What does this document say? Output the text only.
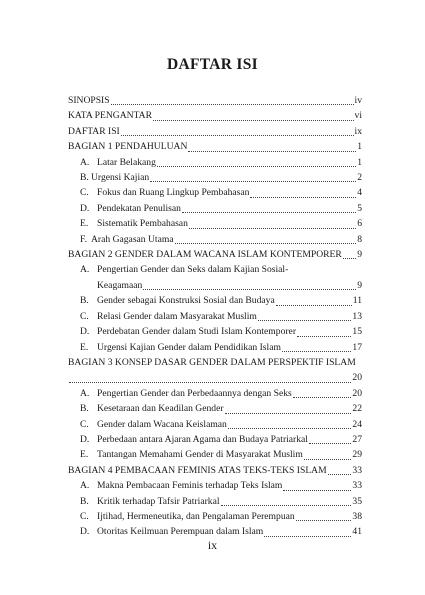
DAFTAR ISI
SINOPSIS	iv
KATA PENGANTAR	vi
DAFTAR ISI	ix
BAGIAN 1 PENDAHULUAN	1
A. Latar Belakang	1
B. Urgensi Kajian	2
C. Fokus dan Ruang Lingkup Pembahasan	4
D. Pendekatan Penulisan	5
E. Sistematik Pembahasan	6
F. Arah Gagasan Utama	8
BAGIAN 2 GENDER DALAM WACANA ISLAM KONTEMPORER 9
A. Pengertian Gender dan Seks dalam Kajian Sosial-
Keagamaan	9
B. Gender sebagai Konstruksi Sosial dan Budaya	11
C. Relasi Gender dalam Masyarakat Muslim	13
D. Perdebatan Gender dalam Studi Islam Kontemporer	15
E. Urgensi Kajian Gender dalam Pendidikan Islam	17
BAGIAN 3 KONSEP DASAR GENDER DALAM PERSPEKTIF ISLAM
20
A. Pengertian Gender dan Perbedaannya dengan Seks	20
B. Kesetaraan dan Keadilan Gender	22
C. Gender dalam Wacana Keislaman	24
D. Perbedaan antara Ajaran Agama dan Budaya Patriarkal	27
E. Tantangan Memahami Gender di Masyarakat Muslim	29
BAGIAN 4 PEMBACAAN FEMINIS ATAS TEKS-TEKS ISLAM	33
A. Makna Pembacaan Feminis terhadap Teks Islam	33
B. Kritik terhadap Tafsir Patriarkal	35
C. Ijtihad, Hermeneutika, dan Pengalaman Perempuan	38
D. Otoritas Keilmuan Perempuan dalam Islam	41
ix
